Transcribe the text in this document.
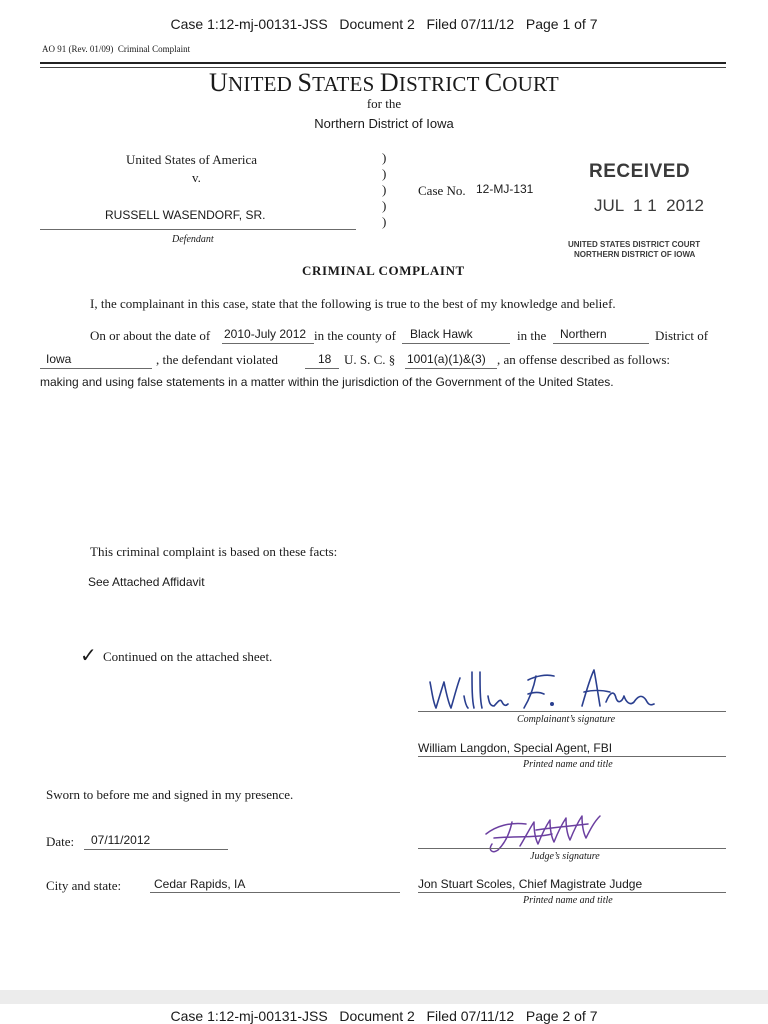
Case 1:12-mj-00131-JSS   Document 2   Filed 07/11/12   Page 1 of 7
AO 91 (Rev. 01/09)  Criminal Complaint
UNITED STATES DISTRICT COURT
for the
Northern District of Iowa
United States of America
v.
RUSSELL WASENDORF, SR.
Defendant
)
)
)
)
)
Case No. 12-MJ-131
RECEIVED
JUL  1 1  2012
UNITED STATES DISTRICT COURT
NORTHERN DISTRICT OF IOWA
CRIMINAL COMPLAINT
I, the complainant in this case, state that the following is true to the best of my knowledge and belief.
On or about the date of 2010-July 2012 in the county of Black Hawk	in the Northern	District of
Iowa	, the defendant violated	18 U. S. C. § 1001(a)(1)&(3) , an offense described as follows:
making and using false statements in a matter within the jurisdiction of the Government of the United States.
This criminal complaint is based on these facts:
See Attached Affidavit
✓ Continued on the attached sheet.
Complainant’s signature
William Langdon, Special Agent, FBI
Printed name and title
Sworn to before me and signed in my presence.
Date: 07/11/2012
Judge’s signature
City and state:	Cedar Rapids, IA	Jon Stuart Scoles, Chief Magistrate Judge
Printed name and title
Case 1:12-mj-00131-JSS   Document 2   Filed 07/11/12   Page 2 of 7
